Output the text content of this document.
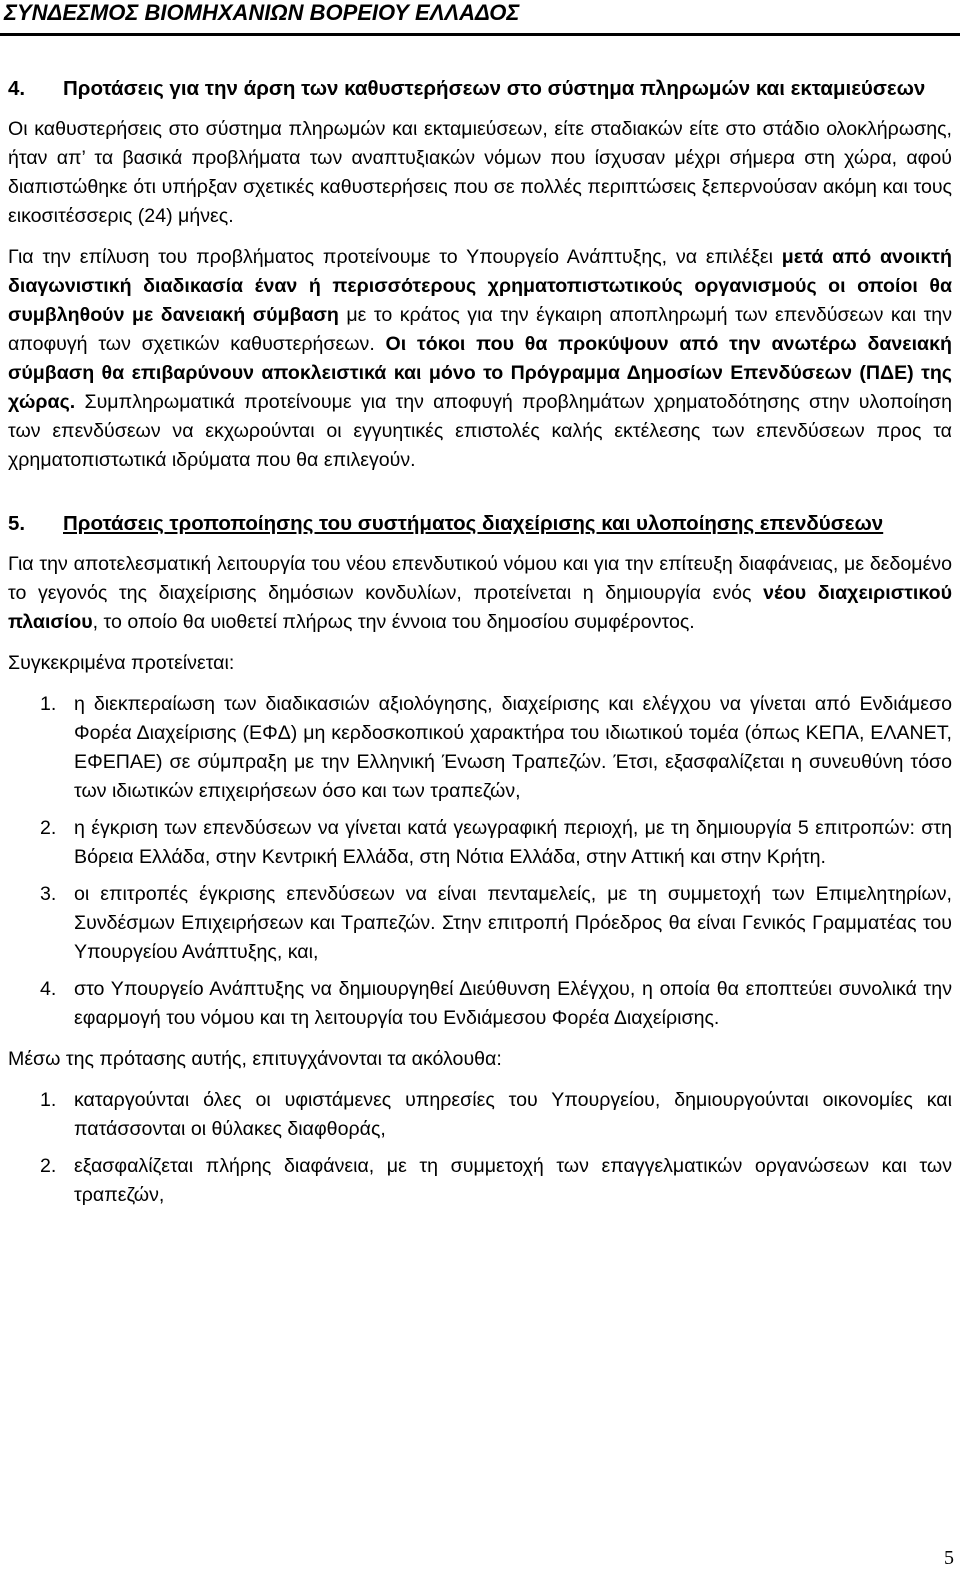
ΣΥΝΔΕΣΜΟΣ ΒΙΟΜΗΧΑΝΙΩΝ ΒΟΡΕΙΟΥ ΕΛΛΑΔΟΣ
4.	Προτάσεις για την άρση των καθυστερήσεων στο σύστημα πληρωμών και εκταμιεύσεων

Οι καθυστερήσεις στο σύστημα πληρωμών και εκταμιεύσεων, είτε σταδιακών είτε στο στάδιο ολοκλήρωσης, ήταν απ’ τα βασικά προβλήματα των αναπτυξιακών νόμων που ίσχυσαν μέχρι σήμερα στη χώρα, αφού διαπιστώθηκε ότι υπήρξαν σχετικές καθυστερήσεις που σε πολλές περιπτώσεις ξεπερνούσαν ακόμη και τους εικοσιτέσσερις (24) μήνες.

Για την επίλυση του προβλήματος προτείνουμε το Υπουργείο Ανάπτυξης, να επιλέξει μετά από ανοικτή διαγωνιστική διαδικασία έναν ή περισσότερους χρηματοπιστωτικούς οργανισμούς οι οποίοι θα συμβληθούν με δανειακή σύμβαση με το κράτος για την έγκαιρη αποπληρωμή των επενδύσεων και την αποφυγή των σχετικών καθυστερήσεων. Οι τόκοι που θα προκύψουν από την ανωτέρω δανειακή σύμβαση θα επιβαρύνουν αποκλειστικά και μόνο το Πρόγραμμα Δημοσίων Επενδύσεων (ΠΔΕ) της χώρας. Συμπληρωματικά προτείνουμε για την αποφυγή προβλημάτων χρηματοδότησης στην υλοποίηση των επενδύσεων να εκχωρούνται οι εγγυητικές επιστολές καλής εκτέλεσης των επενδύσεων προς τα χρηματοπιστωτικά ιδρύματα που θα επιλεγούν.

5.	Προτάσεις τροποποίησης του συστήματος διαχείρισης και υλοποίησης επενδύσεων

Για την αποτελεσματική λειτουργία του νέου επενδυτικού νόμου και για την επίτευξη διαφάνειας, με δεδομένο το γεγονός της διαχείρισης δημόσιων κονδυλίων, προτείνεται η δημιουργία ενός νέου διαχειριστικού πλαισίου, το οποίο θα υιοθετεί πλήρως την έννοια του δημοσίου συμφέροντος.

Συγκεκριμένα προτείνεται:

1. η διεκπεραίωση των διαδικασιών αξιολόγησης, διαχείρισης και ελέγχου να γίνεται από Ενδιάμεσο Φορέα Διαχείρισης (ΕΦΔ) μη κερδοσκοπικού χαρακτήρα του ιδιωτικού τομέα (όπως ΚΕΠΑ, ΕΛΑΝΕΤ, ΕΦΕΠΑΕ) σε σύμπραξη με την Ελληνική Ένωση Τραπεζών. Έτσι, εξασφαλίζεται η συνευθύνη τόσο των ιδιωτικών επιχειρήσεων όσο και των τραπεζών,
2. η έγκριση των επενδύσεων να γίνεται κατά γεωγραφική περιοχή, με τη δημιουργία 5 επιτροπών: στη Βόρεια Ελλάδα, στην Κεντρική Ελλάδα, στη Νότια Ελλάδα, στην Αττική και στην Κρήτη.
3. οι επιτροπές έγκρισης επενδύσεων να είναι πενταμελείς, με τη συμμετοχή των Επιμελητηρίων, Συνδέσμων Επιχειρήσεων και Τραπεζών. Στην επιτροπή Πρόεδρος θα είναι Γενικός Γραμματέας του Υπουργείου Ανάπτυξης, και,
4. στο Υπουργείο Ανάπτυξης να δημιουργηθεί Διεύθυνση Ελέγχου, η οποία θα εποπτεύει συνολικά την εφαρμογή του νόμου και τη λειτουργία του Ενδιάμεσου Φορέα Διαχείρισης.

Μέσω της πρότασης αυτής, επιτυγχάνονται τα ακόλουθα:

1. καταργούνται όλες οι υφιστάμενες υπηρεσίες του Υπουργείου, δημιουργούνται οικονομίες και πατάσσονται οι θύλακες διαφθοράς,
2. εξασφαλίζεται πλήρης διαφάνεια, με τη συμμετοχή των επαγγελματικών οργανώσεων και των τραπεζών,
5
